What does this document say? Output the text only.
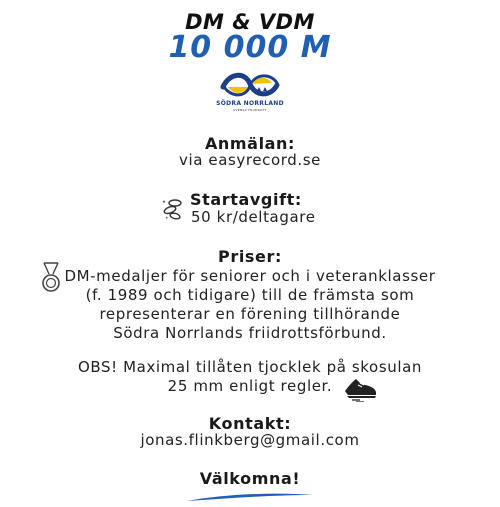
DM & VDM
10 000 M
SÖDRA NORRLAND
SVENSK FRIIDROTT
Anmälan:
via easyrecord.se
Startavgift:
50 kr/deltagare
Priser:
DM-medaljer för seniorer och i veteranklasser
(f. 1989 och tidigare) till de främsta som
representerar en förening tillhörande
Södra Norrlands friidrottsförbund.
OBS! Maximal tillåten tjocklek på skosulan
25 mm enligt regler.
Kontakt:
jonas.flinkberg@gmail.com
Välkomna!
